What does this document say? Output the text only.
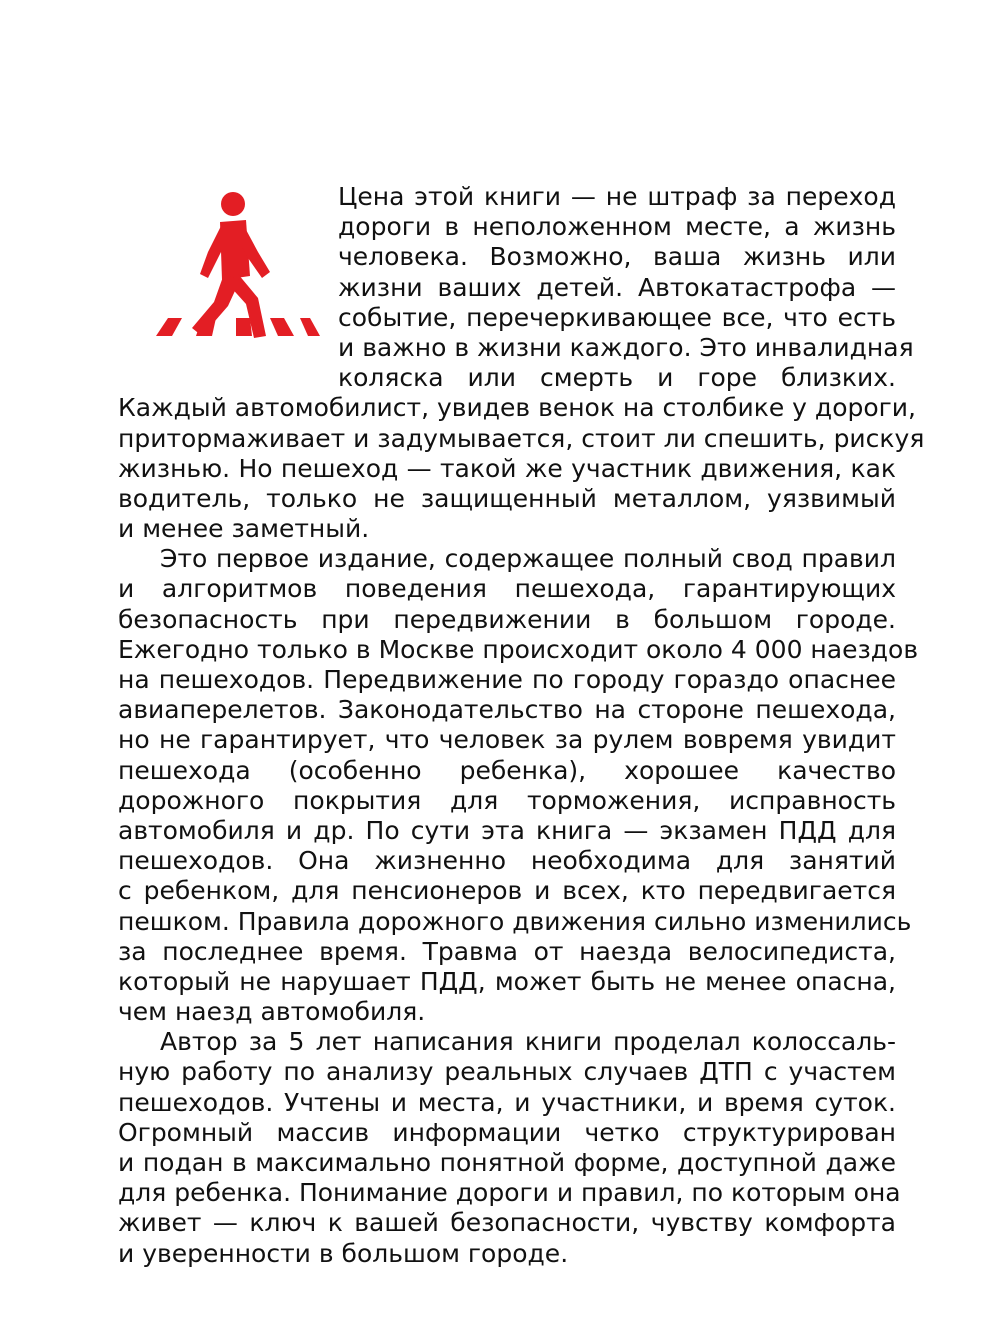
Цена этой книги — не штраф за переход
дороги в неположенном месте, а жизнь
человека. Возможно, ваша жизнь или
жизни ваших детей. Автокатастрофа —
событие, перечеркивающее все, что есть
и важно в жизни каждого. Это инвалидная
коляска или смерть и горе близких.
Каждый автомобилист, увидев венок на столбике у дороги,
притормаживает и задумывается, стоит ли спешить, рискуя
жизнью. Но пешеход — такой же участник движения, как
водитель, только не защищенный металлом, уязвимый
и менее заметный.
Это первое издание, содержащее полный свод правил
и алгоритмов поведения пешехода, гарантирующих
безопасность при передвижении в большом городе.
Ежегодно только в Москве происходит около 4 000 наездов
на пешеходов. Передвижение по городу гораздо опаснее
авиаперелетов. Законодательство на стороне пешехода,
но не гарантирует, что человек за рулем вовремя увидит
пешехода (особенно ребенка), хорошее качество
дорожного покрытия для торможения, исправность
автомобиля и др. По сути эта книга — экзамен ПДД для
пешеходов. Она жизненно необходима для занятий
с ребенком, для пенсионеров и всех, кто передвигается
пешком. Правила дорожного движения сильно изменились
за последнее время. Травма от наезда велосипедиста,
который не нарушает ПДД, может быть не менее опасна,
чем наезд автомобиля.
Автор за 5 лет написания книги проделал колоссаль-
ную работу по анализу реальных случаев ДТП с участем
пешеходов. Учтены и места, и участники, и время суток.
Огромный массив информации четко структурирован
и подан в максимально понятной форме, доступной даже
для ребенка. Понимание дороги и правил, по которым она
живет — ключ к вашей безопасности, чувству комфорта
и уверенности в большом городе.
